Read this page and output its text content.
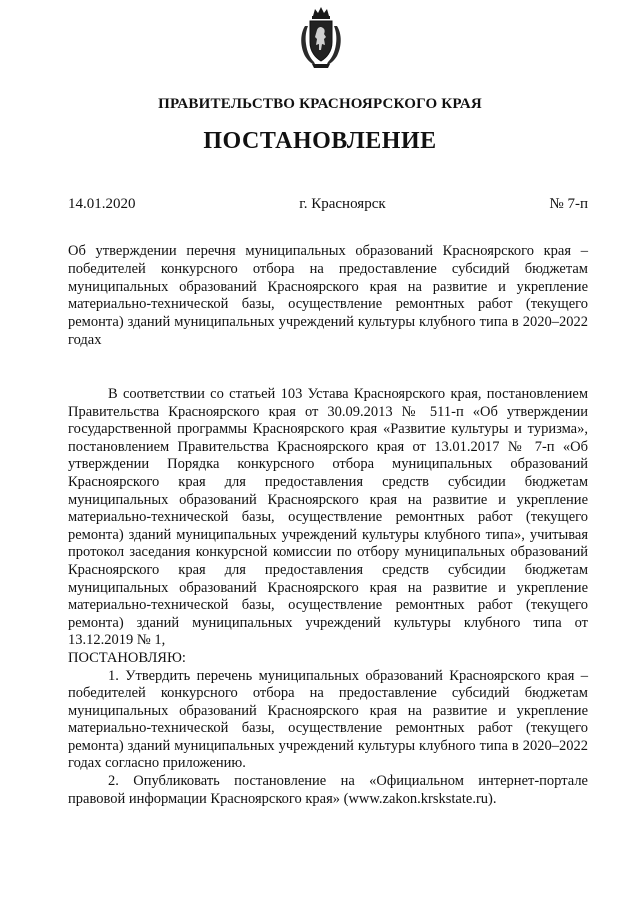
ПРАВИТЕЛЬСТВО КРАСНОЯРСКОГО КРАЯ
ПОСТАНОВЛЕНИЕ
14.01.2020	г. Красноярск	№ 7-п
Об утверждении перечня муниципальных образований Красноярского края – победителей конкурсного отбора на предоставление субсидий бюджетам муниципальных образований Красноярского края на развитие и укрепление материально-технической базы, осуществление ремонтных работ (текущего ремонта) зданий муниципальных учреждений культуры клубного типа в 2020–2022 годах

В соответствии со статьей 103 Устава Красноярского края, постановлением Правительства Красноярского края от 30.09.2013 № 511-п «Об утверждении государственной программы Красноярского края «Развитие культуры и туризма», постановлением Правительства Красноярского края от 13.01.2017 № 7-п «Об утверждении Порядка конкурсного отбора муниципальных образований Красноярского края для предоставления средств субсидии бюджетам муниципальных образований Красноярского края на развитие и укрепление материально-технической базы, осуществление ремонтных работ (текущего ремонта) зданий муниципальных учреждений культуры клубного типа», учитывая протокол заседания конкурсной комиссии по отбору муниципальных образований Красноярского края для предоставления средств субсидии бюджетам муниципальных образований Красноярского края на развитие и укрепление материально-технической базы, осуществление ремонтных работ (текущего ремонта) зданий муниципальных учреждений культуры клубного типа от 13.12.2019 № 1,

ПОСТАНОВЛЯЮ:

1. Утвердить перечень муниципальных образований Красноярского края – победителей конкурсного отбора на предоставление субсидий бюджетам муниципальных образований Красноярского края на развитие и укрепление материально-технической базы, осуществление ремонтных работ (текущего ремонта) зданий муниципальных учреждений культуры клубного типа в 2020–2022 годах согласно приложению.

2. Опубликовать постановление на «Официальном интернет-портале правовой информации Красноярского края» (www.zakon.krskstate.ru).
